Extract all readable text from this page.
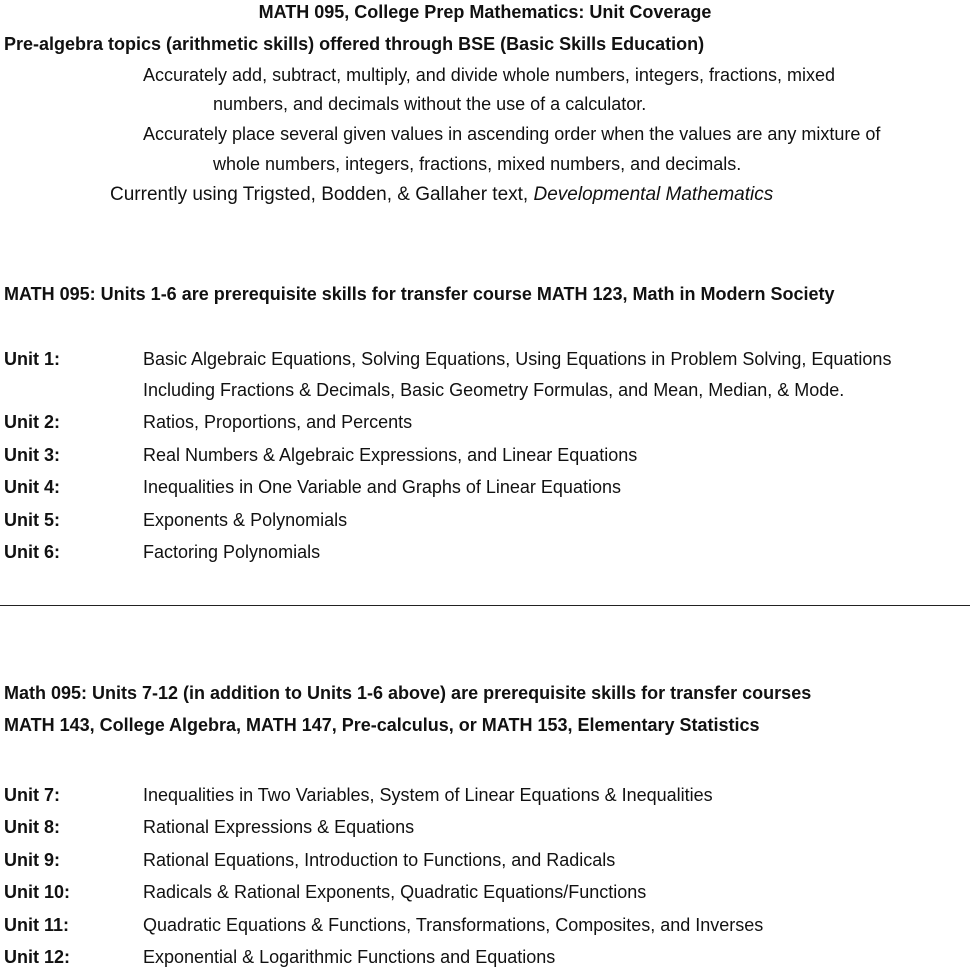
MATH 095, College Prep Mathematics: Unit Coverage
Pre-algebra topics (arithmetic skills) offered through BSE (Basic Skills Education)
Accurately add, subtract, multiply, and divide whole numbers, integers, fractions, mixed
numbers, and decimals without the use of a calculator.
Accurately place several given values in ascending order when the values are any mixture of
whole numbers, integers, fractions, mixed numbers, and decimals.
Currently using Trigsted, Bodden, & Gallaher text, Developmental Mathematics
MATH 095: Units 1-6 are prerequisite skills for transfer course MATH 123, Math in Modern Society
Unit 1:	Basic Algebraic Equations, Solving Equations, Using Equations in Problem Solving, Equations
Including Fractions & Decimals, Basic Geometry Formulas, and Mean, Median, & Mode.
Unit 2:	Ratios, Proportions, and Percents
Unit 3:	Real Numbers & Algebraic Expressions, and Linear Equations
Unit 4:	Inequalities in One Variable and Graphs of Linear Equations
Unit 5:	Exponents & Polynomials
Unit 6:	Factoring Polynomials
Math 095: Units 7-12 (in addition to Units 1-6 above) are prerequisite skills for transfer courses
MATH 143, College Algebra, MATH 147, Pre-calculus, or MATH 153, Elementary Statistics
Unit 7:	Inequalities in Two Variables, System of Linear Equations & Inequalities
Unit 8:	Rational Expressions & Equations
Unit 9:	Rational Equations, Introduction to Functions, and Radicals
Unit 10:	Radicals & Rational Exponents, Quadratic Equations/Functions
Unit 11:	Quadratic Equations & Functions, Transformations, Composites, and Inverses
Unit 12:	Exponential & Logarithmic Functions and Equations
